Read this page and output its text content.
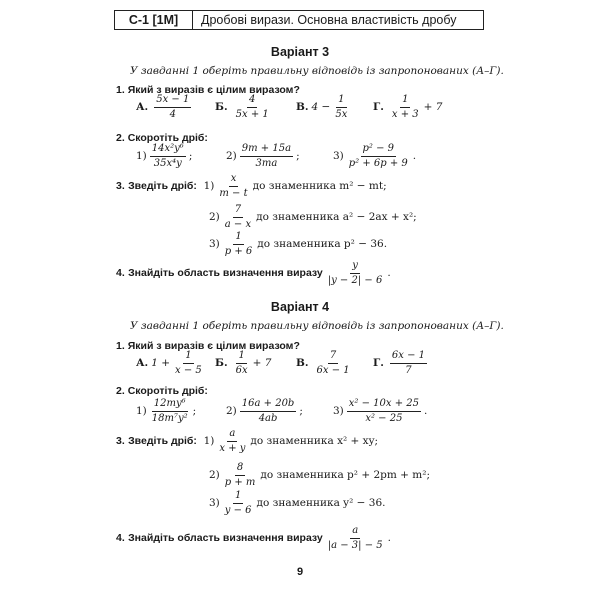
С-1 [1М]	Дробові вирази. Основна властивість дробу
Варіант 3
У завданні 1 оберіть правильну відповідь із запропонованих (А–Г).
1. Який з виразів є цілим виразом?
А. $\frac{5x - 1}{4} Б$. $\frac{4}{5x + 1} В$. $4 - \frac{1}{5x} Г$. $\frac{1}{x + 3} + 7$
2. Скоротіть дріб:
$1) \frac{\text{14x²y⁶}}{\text{35x⁴y}}$ ;	$2) \frac{9m + 15a}{3ma}$ ;	$3) \frac{\text{p² − 9}}{\text{p² + 6p + 9}}$ .
3.
Зведіть дріб:
$1) \frac{x}{m - t}$ до знаменника m² − mt;
$2) \frac{7}{a - x}$ до знаменника a² − 2ax + x²;
$3) \frac{1}{p + 6}$ до знаменника p² − 36.
4.
Знайдіть область визначення виразу $\frac{y}{|y - 2| - 6}$ .
Варіант 4
У завданні 1 оберіть правильну відповідь із запропонованих (А–Г).
1. Який з виразів є цілим виразом?
А. $1 + \frac{1}{x - 5} Б$. $\frac{1}{6x} + 7$ В. $\frac{7}{6x - 1} Г$. $\frac{6x - 1}{7}$
2. Скоротіть дріб:
$1) \frac{\text{12my⁶}}{\text{18m⁷y²}}$ ;	$2) \frac{16a + 20b}{4ab}$ ;	$3) \frac{\text{x² − 10x + 25}}{\text{x² − 25}}$ .
3.
Зведіть дріб:
$1) \frac{a}{x + y}$ до знаменника x² + xy;
$2) \frac{8}{p + m}$ до знаменника p² + 2pm + m²;
$3) \frac{1}{y - 6}$ до знаменника y² − 36.
4.
Знайдіть область визначення виразу $\frac{a}{|a - 3| - 5}$ .
9
